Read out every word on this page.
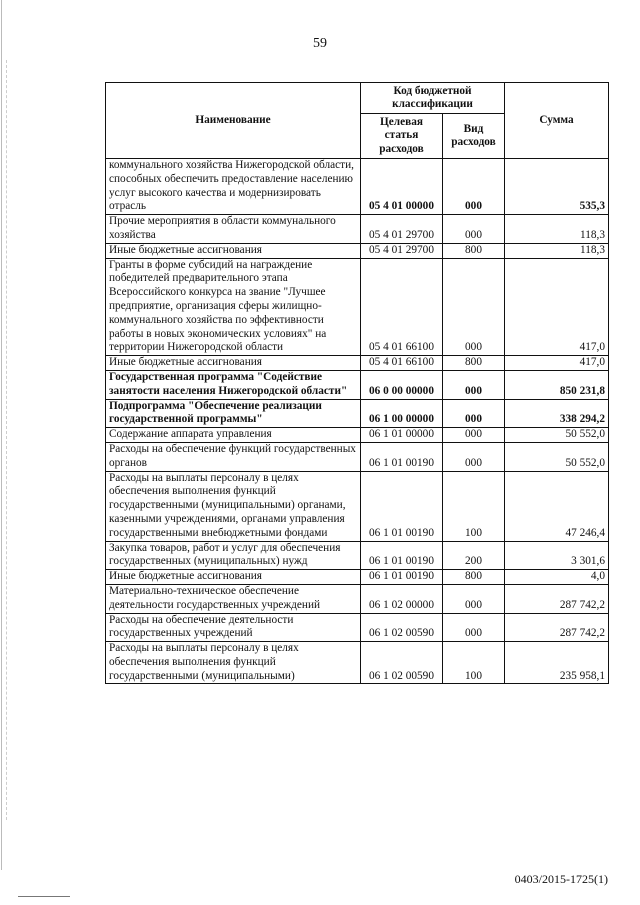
59
Наименование	Код бюджетной классификации		Сумма
	Целевая статья расходов	Вид расходов	
коммунального хозяйства Нижегородской области, способных обеспечить предоставление населению услуг высокого качества и модернизировать отрасль	05 4 01 00000	000	535,3
Прочие мероприятия в области коммунального хозяйства	05 4 01 29700	000	118,3
Иные бюджетные ассигнования	05 4 01 29700	800	118,3
Гранты в форме субсидий на награждение победителей предварительного этапа Всероссийского конкурса на звание "Лучшее предприятие, организация сферы жилищно-коммунального хозяйства по эффективности работы в новых экономических условиях" на территории Нижегородской области	05 4 01 66100	000	417,0
Иные бюджетные ассигнования	05 4 01 66100	800	417,0
Государственная программа "Содействие занятости населения Нижегородской области"	06 0 00 00000	000	850 231,8
Подпрограмма "Обеспечение реализации государственной программы"	06 1 00 00000	000	338 294,2
Содержание аппарата управления	06 1 01 00000	000	50 552,0
Расходы на обеспечение функций государственных органов	06 1 01 00190	000	50 552,0
Расходы на выплаты персоналу в целях обеспечения выполнения функций государственными (муниципальными) органами, казенными учреждениями, органами управления государственными внебюджетными фондами	06 1 01 00190	100	47 246,4
Закупка товаров, работ и услуг для обеспечения государственных (муниципальных) нужд	06 1 01 00190	200	3 301,6
Иные бюджетные ассигнования	06 1 01 00190	800	4,0
Материально-техническое обеспечение деятельности государственных учреждений	06 1 02 00000	000	287 742,2
Расходы на обеспечение деятельности государственных учреждений	06 1 02 00590	000	287 742,2
Расходы на выплаты персоналу в целях обеспечения выполнения функций государственными (муниципальными)	06 1 02 00590	100	235 958,1
0403/2015-1725(1)
